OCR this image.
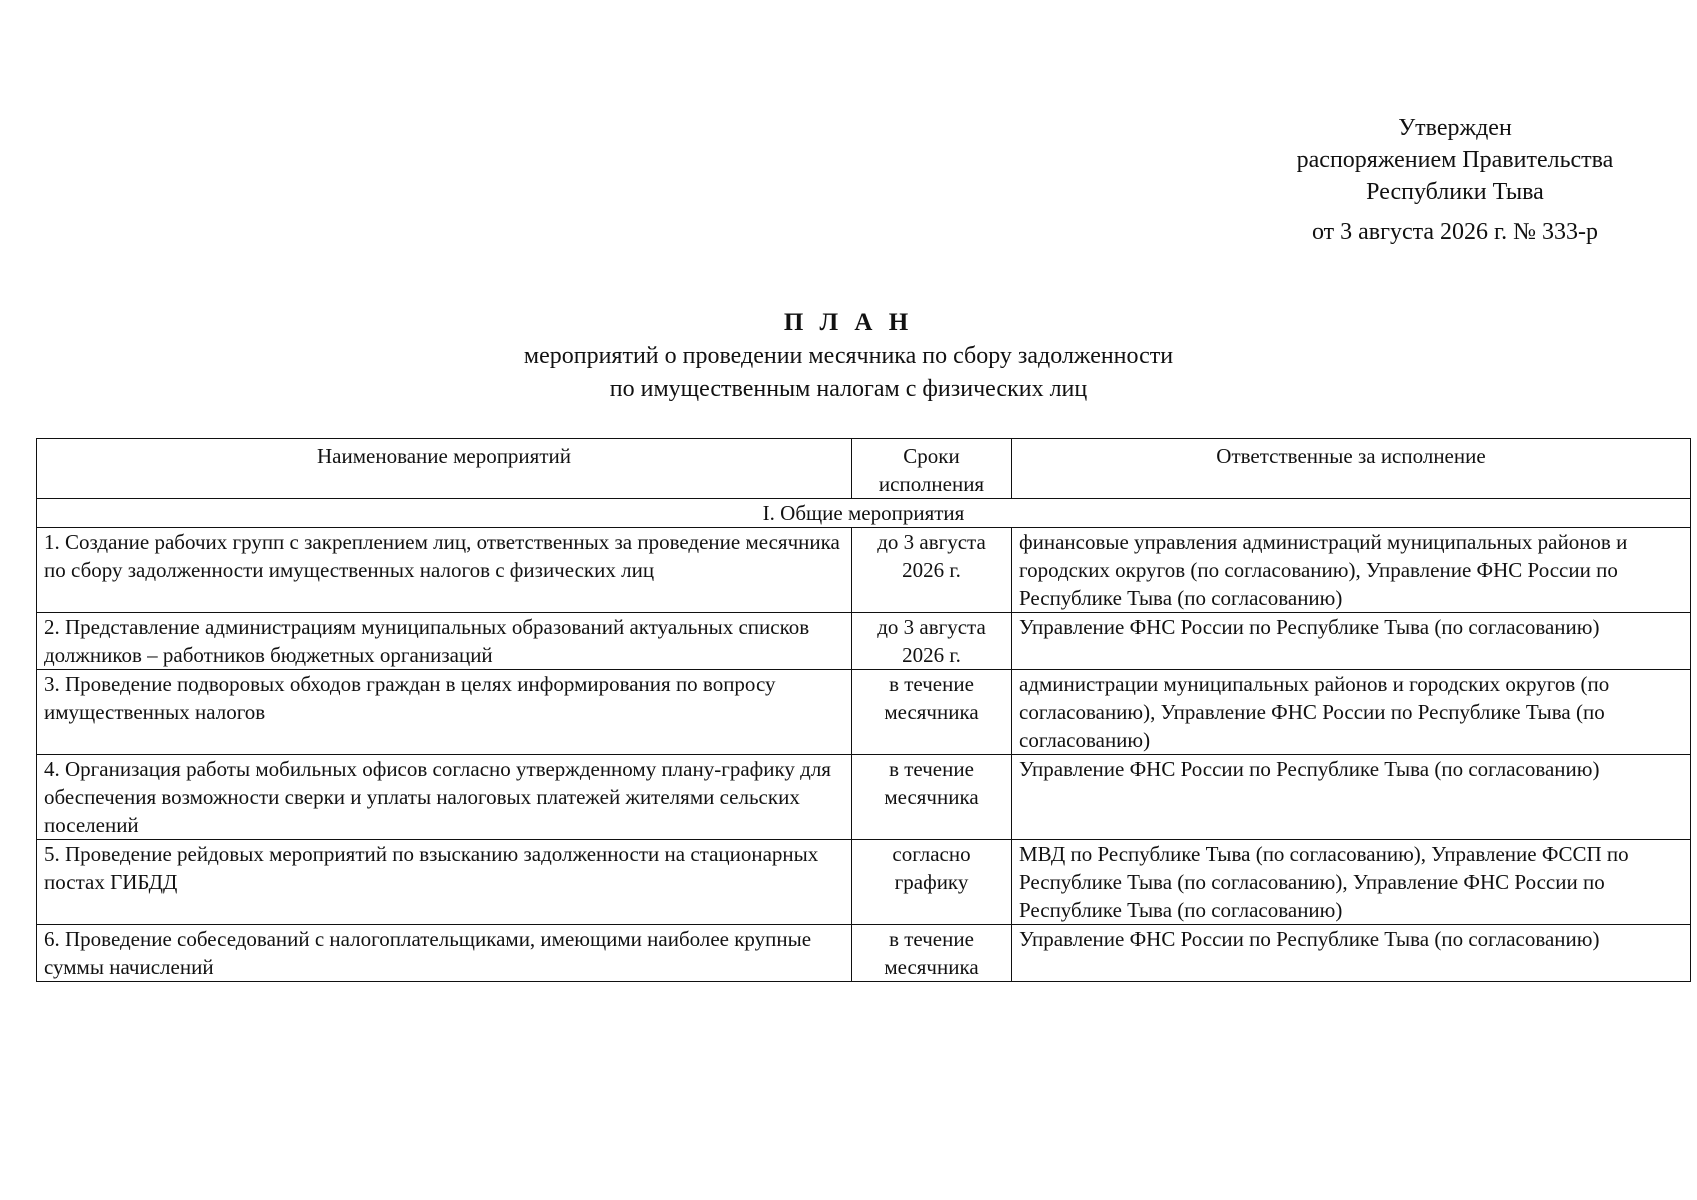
Утвержден
распоряжением Правительства
Республики Тыва
от 3 августа 2026 г. № 333-р
П Л А Н
мероприятий о проведении месячника по сбору задолженности
по имущественным налогам с физических лиц
Наименование мероприятий	Сроки исполнения	Ответственные за исполнение
I. Общие мероприятия		
1. Создание рабочих групп с закреплением лиц, ответственных за проведение месячника по сбору задолженности имущественных налогов с физических лиц	до 3 августа 2026 г.	финансовые управления администраций муниципальных районов и городских округов (по согласованию), Управление ФНС России по Республике Тыва (по согласованию)
2. Представление администрациям муниципальных образований актуальных списков должников – работников бюджетных организаций	до 3 августа 2026 г.	Управление ФНС России по Республике Тыва (по согласованию)
3. Проведение подворовых обходов граждан в целях информирования по вопросу имущественных налогов	в течение месячника	администрации муниципальных районов и городских округов (по согласованию), Управление ФНС России по Республике Тыва (по согласованию)
4. Организация работы мобильных офисов согласно утвержденному плану-графику для обеспечения возможности сверки и уплаты налоговых платежей жителями сельских поселений	в течение месячника	Управление ФНС России по Республике Тыва (по согласованию)
5. Проведение рейдовых мероприятий по взысканию задолженности на стационарных постах ГИБДД	согласно графику	МВД по Республике Тыва (по согласованию), Управление ФССП по Республике Тыва (по согласованию), Управление ФНС России по Республике Тыва (по согласованию)
6. Проведение собеседований с налогоплательщиками, имеющими наиболее крупные суммы начислений	в течение месячника	Управление ФНС России по Республике Тыва (по согласованию)
